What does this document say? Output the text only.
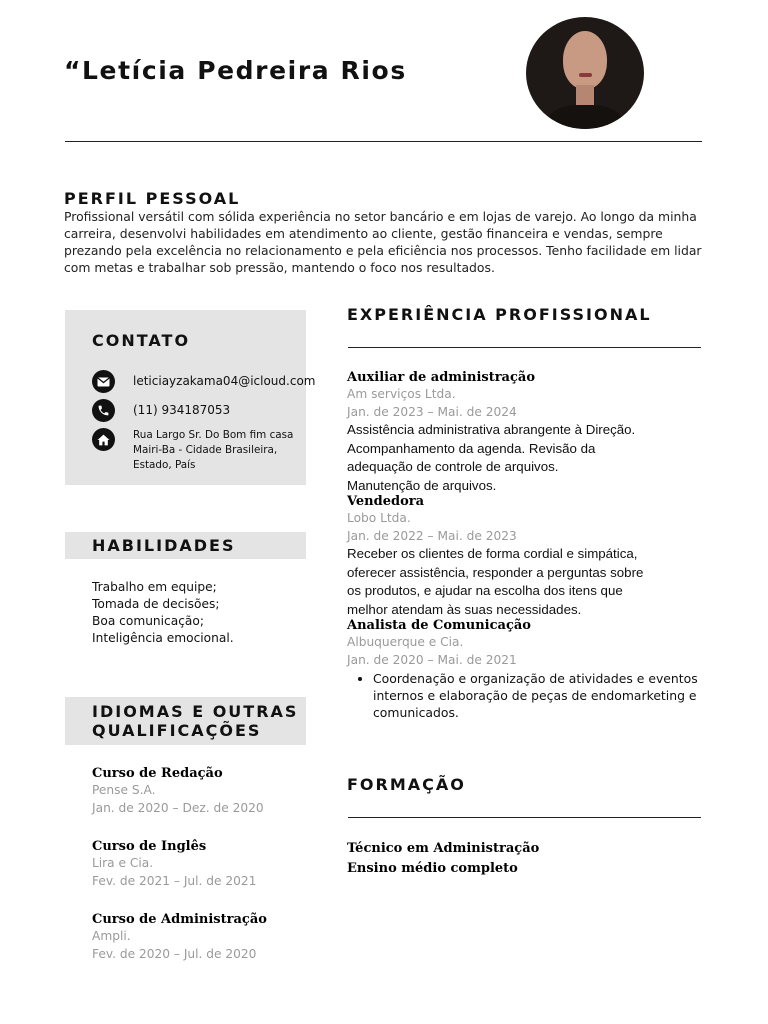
“Letícia Pedreira Rios
PERFIL PESSOAL
Profissional versátil com sólida experiência no setor bancário e em lojas de varejo. Ao longo da minha carreira, desenvolvi habilidades em atendimento ao cliente, gestão financeira e vendas, sempre prezando pela excelência no relacionamento e pela eficiência nos processos. Tenho facilidade em lidar com metas e trabalhar sob pressão, mantendo o foco nos resultados.
CONTATO
leticiayzakama04@icloud.com
(11) 934187053
Rua Largo Sr. Do Bom fim casa
Mairi-Ba - Cidade Brasileira,
Estado, País
HABILIDADES
Trabalho em equipe;
Tomada de decisões;
Boa comunicação;
Inteligência emocional.
IDIOMAS E OUTRAS
QUALIFICAÇÕES
Curso de Redação
Pense S.A.
Jan. de 2020 – Dez. de 2020
Curso de Inglês
Lira e Cia.
Fev. de 2021 – Jul. de 2021
Curso de Administração
Ampli.
Fev. de 2020 – Jul. de 2020
EXPERIÊNCIA PROFISSIONAL
Auxiliar de administração
Am serviços Ltda.
Jan. de 2023 – Mai. de 2024
Assistência administrativa abrangente à Direção.
Acompanhamento da agenda. Revisão da
adequação de controle de arquivos.
Manutenção de arquivos.
Vendedora
Lobo Ltda.
Jan. de 2022 – Mai. de 2023
Receber os clientes de forma cordial e simpática,
oferecer assistência, responder a perguntas sobre
os produtos, e ajudar na escolha dos itens que
melhor atendam às suas necessidades.
Analista de Comunicação
Albuquerque e Cia.
Jan. de 2020 – Mai. de 2021
• Coordenação e organização de atividades e eventos internos e elaboração de peças de endomarketing e comunicados.
FORMAÇÃO
Técnico em Administração
Ensino médio completo
